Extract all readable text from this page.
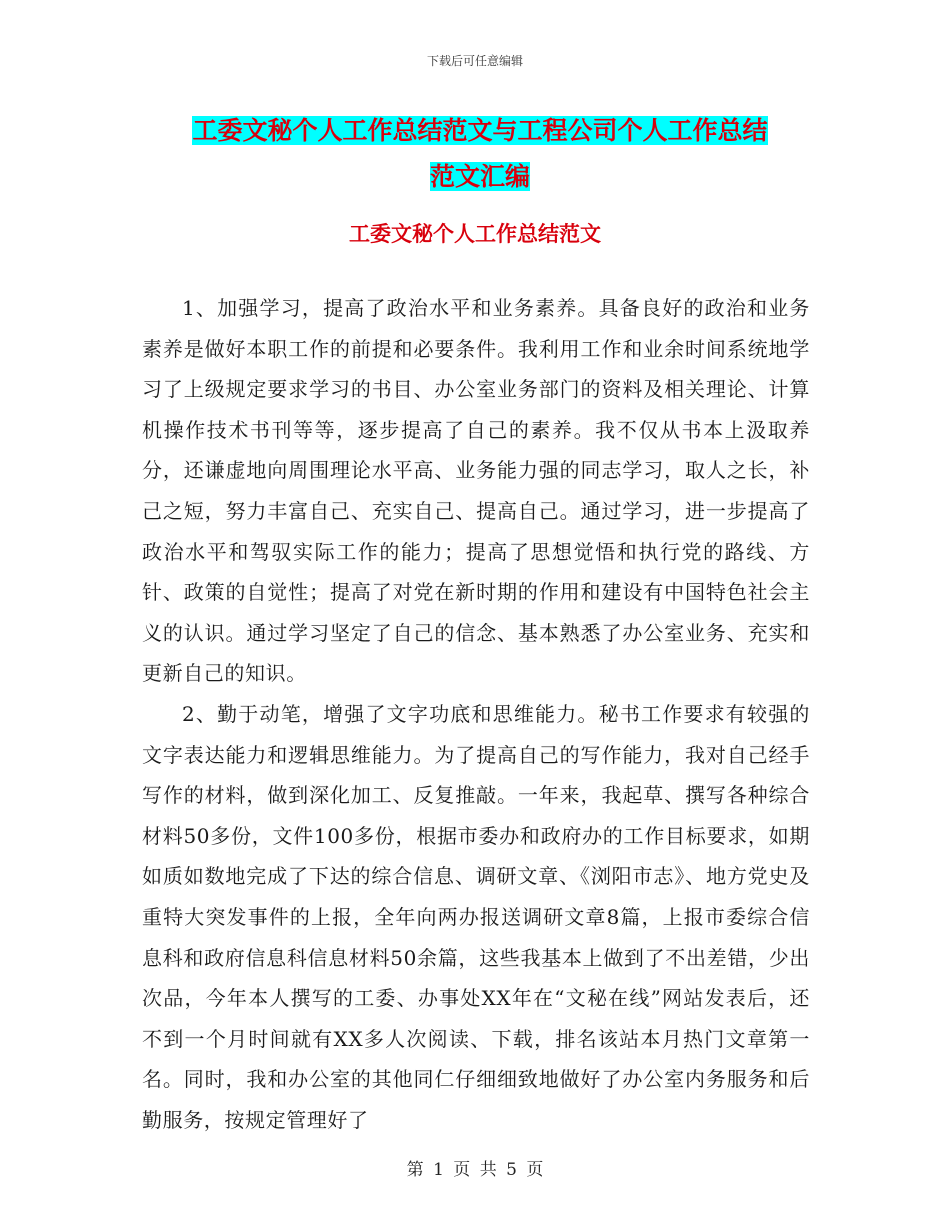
下载后可任意编辑
工委文秘个人工作总结范文与工程公司个人工作总结
范文汇编
工委文秘个人工作总结范文

1、加强学习，提高了政治水平和业务素养。具备良好的政治和业务素养是做好本职工作的前提和必要条件。我利用工作和业余时间系统地学习了上级规定要求学习的书目、办公室业务部门的资料及相关理论、计算机操作技术书刊等等，逐步提高了自己的素养。我不仅从书本上汲取养分，还谦虚地向周围理论水平高、业务能力强的同志学习，取人之长，补己之短，努力丰富自己、充实自己、提高自己。通过学习，进一步提高了政治水平和驾驭实际工作的能力；提高了思想觉悟和执行党的路线、方针、政策的自觉性；提高了对党在新时期的作用和建设有中国特色社会主义的认识。通过学习坚定了自己的信念、基本熟悉了办公室业务、充实和更新自己的知识。

2、勤于动笔，增强了文字功底和思维能力。秘书工作要求有较强的文字表达能力和逻辑思维能力。为了提高自己的写作能力，我对自己经手写作的材料，做到深化加工、反复推敲。一年来，我起草、撰写各种综合材料50多份，文件100多份，根据市委办和政府办的工作目标要求，如期如质如数地完成了下达的综合信息、调研文章、《浏阳市志》、地方党史及重特大突发事件的上报，全年向两办报送调研文章8篇，上报市委综合信息科和政府信息科信息材料50余篇，这些我基本上做到了不出差错，少出次品，今年本人撰写的工委、办事处XX年在“文秘在线”网站发表后，还不到一个月时间就有XX多人次阅读、下载，排名该站本月热门文章第一名。同时，我和办公室的其他同仁仔细细致地做好了办公室内务服务和后勤服务，按规定管理好了

第 1 页 共 5 页
